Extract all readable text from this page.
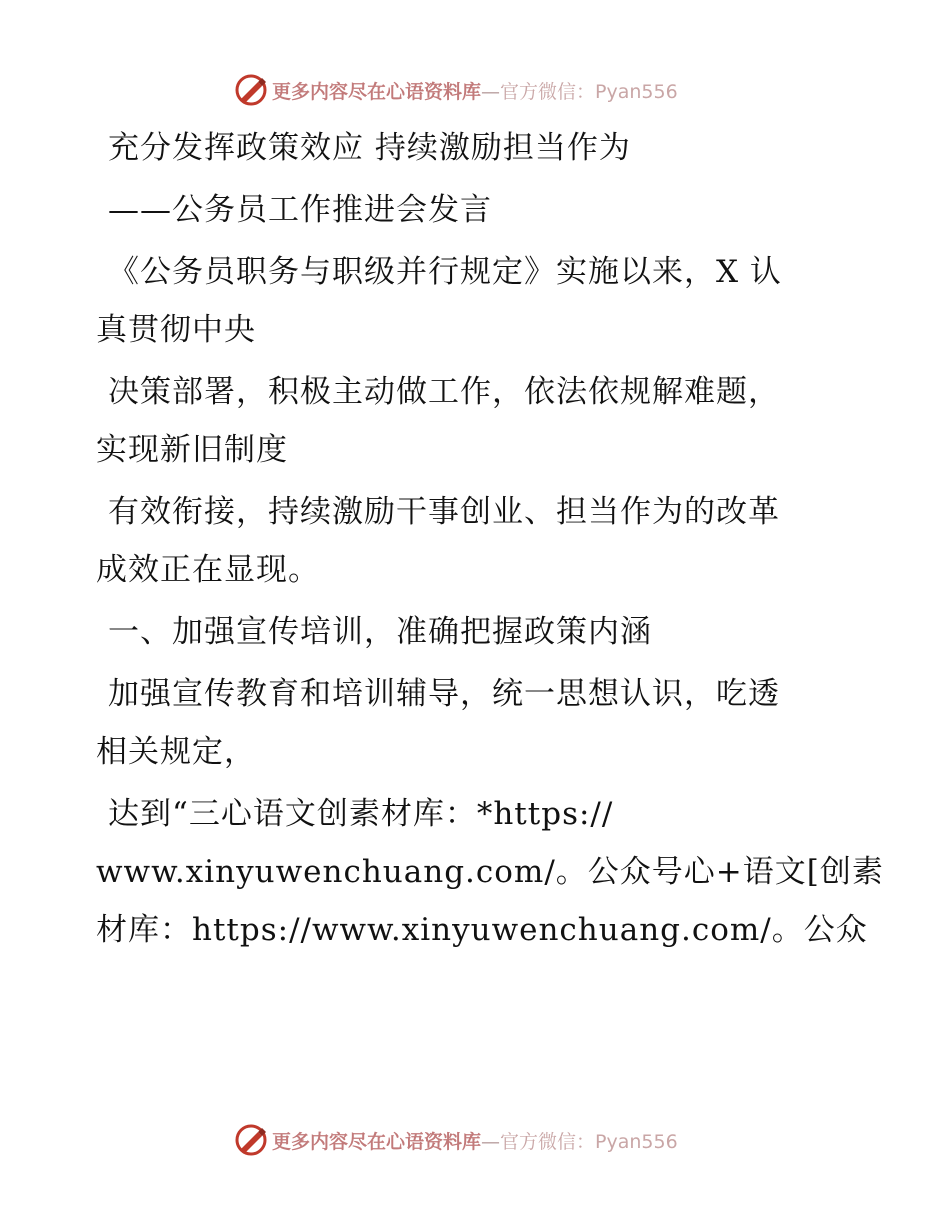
更多内容尽在心语资料库—官方微信：Pyan556
充分发挥政策效应 持续激励担当作为
——公务员工作推进会发言
《公务员职务与职级并行规定》实施以来，X 认
真贯彻中央
决策部署，积极主动做工作，依法依规解难题，
实现新旧制度
有效衔接，持续激励干事创业、担当作为的改革
成效正在显现。
一、加强宣传培训，准确把握政策内涵
加强宣传教育和培训辅导，统一思想认识，吃透
相关规定，
达到“三心语文创素材库：*https://
www.xinyuwenchuang.com/。公众号心+语文[创素
材库：https://www.xinyuwenchuang.com/。公众
更多内容尽在心语资料库—官方微信：Pyan556
